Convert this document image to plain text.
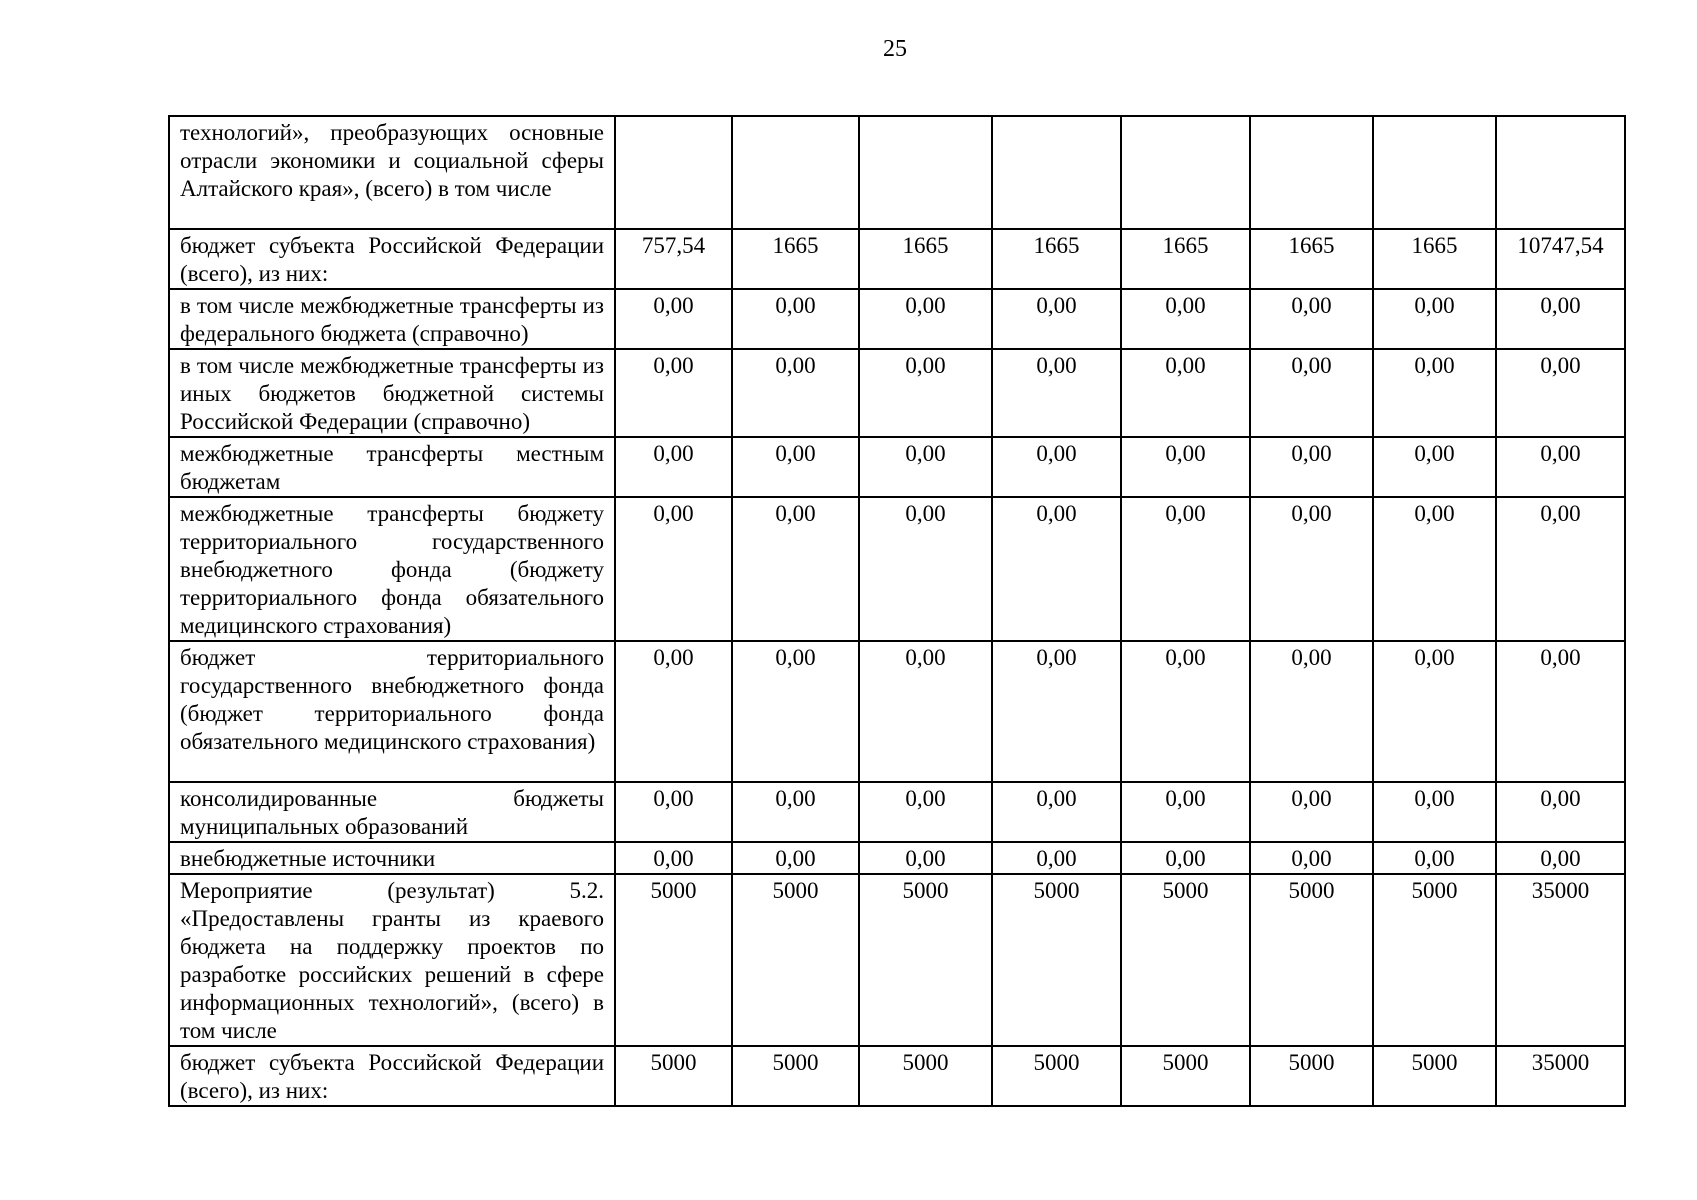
25
технологий», преобразующих основные отрасли экономики и социальной сферы Алтайского края», (всего) в том числе								
бюджет субъекта Российской Федерации (всего), из них:	757,54	1665	1665	1665	1665	1665	1665	10747,54
в том числе межбюджетные трансферты из федерального бюджета (справочно)	0,00	0,00	0,00	0,00	0,00	0,00	0,00	0,00
в том числе межбюджетные трансферты из иных бюджетов бюджетной системы Российской Федерации (справочно)	0,00	0,00	0,00	0,00	0,00	0,00	0,00	0,00
межбюджетные трансферты местным бюджетам	0,00	0,00	0,00	0,00	0,00	0,00	0,00	0,00
межбюджетные трансферты бюджету территориального государственного внебюджетного фонда (бюджету территориального фонда обязательного медицинского страхования)	0,00	0,00	0,00	0,00	0,00	0,00	0,00	0,00
бюджет территориального государственного внебюджетного фонда (бюджет территориального фонда обязательного медицинского страхования)	0,00	0,00	0,00	0,00	0,00	0,00	0,00	0,00
консолидированные бюджеты муниципальных образований	0,00	0,00	0,00	0,00	0,00	0,00	0,00	0,00
внебюджетные источники	0,00	0,00	0,00	0,00	0,00	0,00	0,00	0,00
Мероприятие (результат) 5.2. «Предоставлены гранты из краевого бюджета на поддержку проектов по разработке российских решений в сфере информационных технологий», (всего) в том числе	5000	5000	5000	5000	5000	5000	5000	35000
бюджет субъекта Российской Федерации (всего), из них:	5000	5000	5000	5000	5000	5000	5000	35000
